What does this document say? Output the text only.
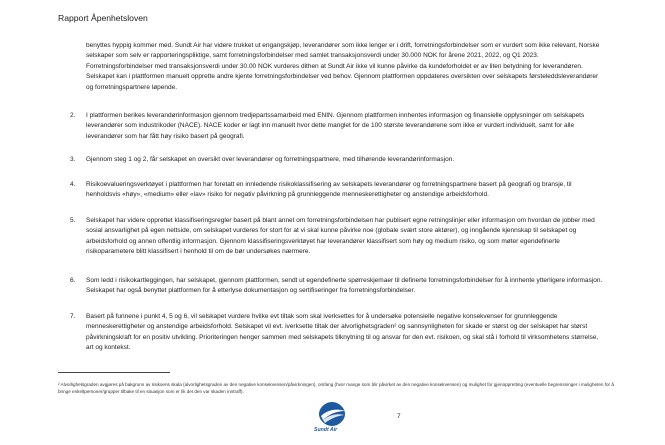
Rapport Åpenhetsloven
benyttes hyppig kommer med. Sundt Air har videre trukket ut engangskjøp, leverandører som ikke lenger er i drift, forretningsforbindelser som er vurdert som ikke relevant, Norske selskaper som selv er rapporteringspliktige, samt forretningsforbindelser med samlet transaksjonsverdi under 30.000 NOK for årene 2021, 2022, og Q1 2023. Forretningsforbindelser med transaksjonsverdi under 30.00 NOK vurderes dithen at Sundt Air ikke vil kunne påvirke da kundeforholdet er av liten betydning for leverandøren. Selskapet kan i plattformen manuelt opprette andre kjente forretningsforbindelser ved behov. Gjennom plattformen oppdateres oversikten over selskapets førsteleddsleverandører og forretningspartnere løpende.
2.	I plattformen berikes leverandørinformasjon gjennom tredjepartssamarbeid med ENIN. Gjennom plattformen innhentes informasjon og finansielle opplysninger om selskapets leverandører som industrikoder (NACE). NACE koder er lagt inn manuelt hvor dette manglet for de 100 største leverandørene som ikke er vurdert individuelt, samt for alle leverandører som har fått høy risiko basert på geografi.
3.	Gjennom steg 1 og 2, får selskapet en oversikt over leverandører og forretningspartnere, med tilhørende leverandørinformasjon.
4.	Risikoevalueringsverktøyet i plattformen har foretatt en innledende risikoklassifisering av selskapets leverandører og forretningspartnere basert på geografi og bransje, til henholdsvis «høy», «medium» eller «lav» risiko for negativ påvirkning på grunnleggende menneskerettigheter og anstendige arbeidsforhold.
5.	Selskapet har videre opprettet klassifiseringsregler basert på blant annet om forretningsforbindelsen har publisert egne retningslinjer eller informasjon om hvordan de jobber med sosial ansvarlighet på egen nettside, om selskapet vurderes for stort for at vi skal kunne påvirke noe (globale svært store aktører), og inngående kjennskap til selskapet og arbeidsforhold og annen offentlig informasjon. Gjennom klassifiseringsverktøyet har leverandører klassifisert som høy og medium risiko, og som møter egendefinerte risikoparametere blitt klassifisert i henhold til om de bør undersøkes nærmere.
6.	Som ledd i risikokartleggingen, har selskapet, gjennom plattformen, sendt ut egendefinerte spørreskjemaer til definerte forretningsforbindelser for å innhente ytterligere informasjon. Selskapet har også benyttet plattformen for å etterlyse dokumentasjon og sertifiseringer fra forretningsforbindelser.
7.	Basert på funnene i punkt 4, 5 og 6, vil selskapet vurdere hvilke evt tiltak som skal iverksettes for å undersøke potensielle negative konsekvenser for grunnleggende menneskerettigheter og anstendige arbeidsforhold. Selskapet vil evt. iverksette tiltak der alvorlighetsgraden² og sannsynligheten for skade er størst og der selskapet har størst påvirkningskraft for en positiv utvikling. Prioriteringen henger sammen med selskapets tilknytning til og ansvar for den evt. risikoen, og skal stå i forhold til virksomhetens størrelse, art og kontekst.
² Alvorlighetsgraden avgjøres på bakgrunn av risikoens skala (alvorlighetsgraden av den negative konsekvensen/påvirkningen), omfang (hvor mange som blir påvirket av den negative konsekvensen) og mulighet for gjenoppretting (eventuelle begrensninger i muligheten for å bringe enkeltpersoner/grupper tilbake til en situasjon som er lik det den var skaden inntraff).
Sundt Air
7
